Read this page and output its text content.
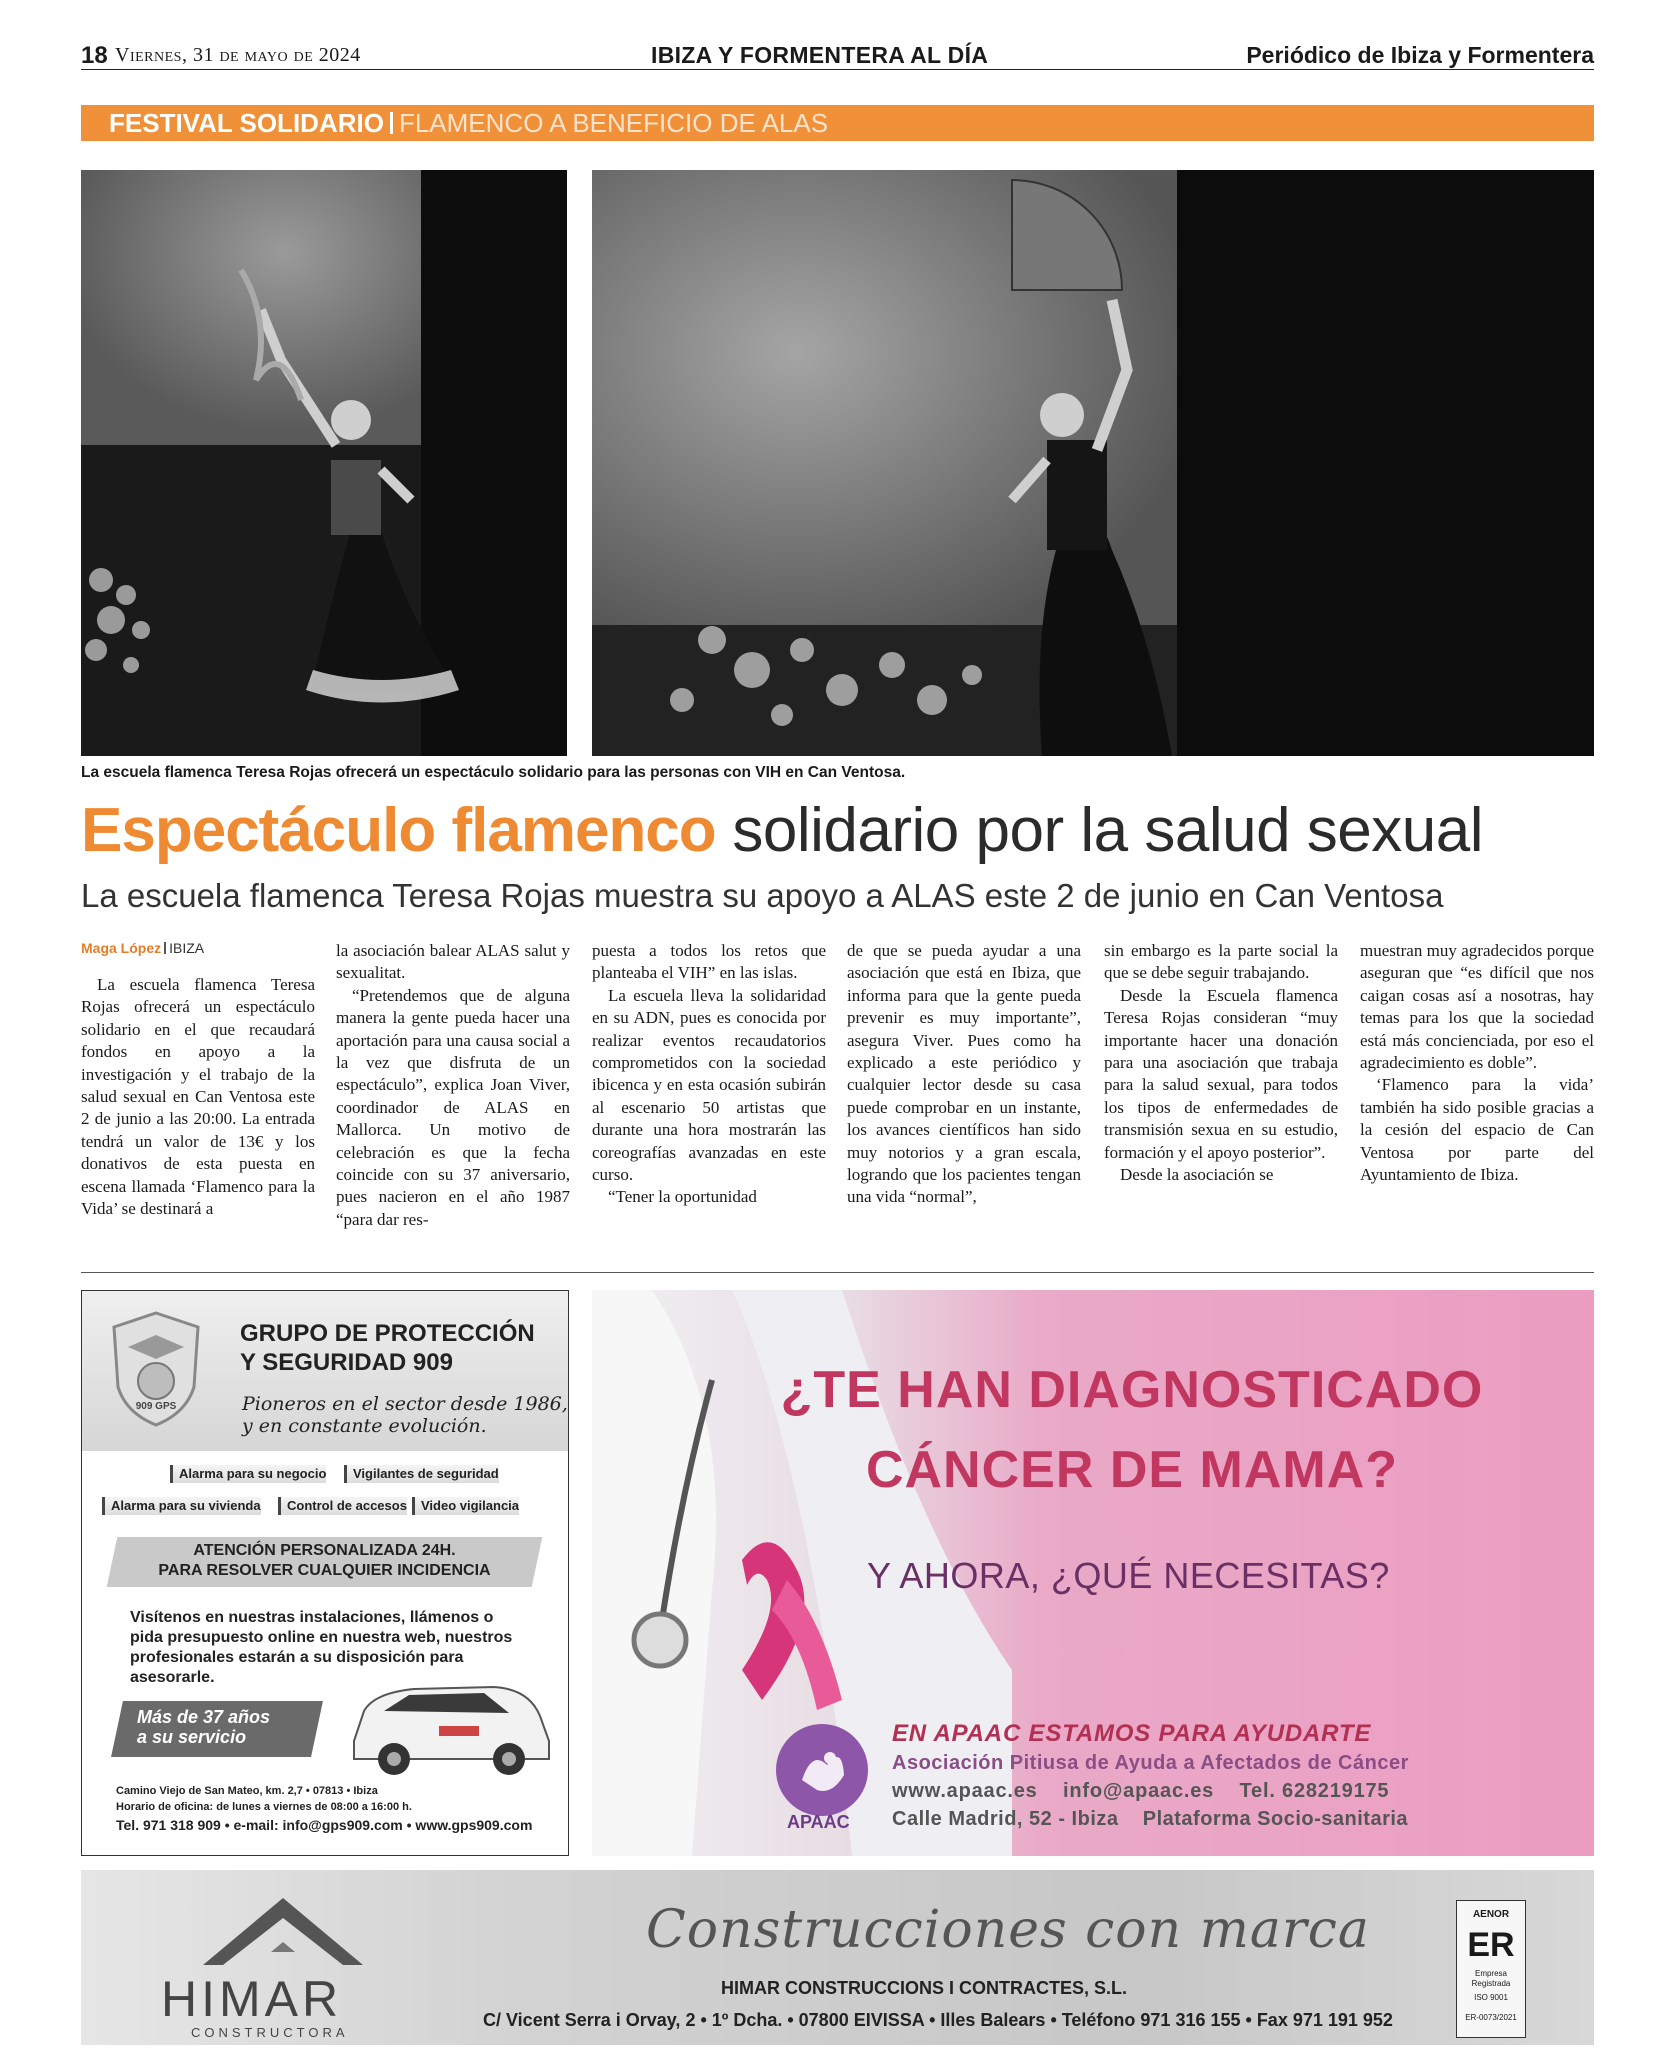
18 Viernes, 31 de mayo de 2024	IBIZA Y FORMENTERA AL DÍA	Periódico de Ibiza y Formentera
FESTIVAL SOLIDARIO FLAMENCO A BENEFICIO DE ALAS
La escuela flamenca Teresa Rojas ofrecerá un espectáculo solidario para las personas con VIH en Can Ventosa.
Espectáculo flamenco solidario por la salud sexual
La escuela flamenca Teresa Rojas muestra su apoyo a ALAS este 2 de junio en Can Ventosa
Maga López IBIZA

La escuela flamenca Teresa Rojas ofrecerá un espectáculo solidario en el que recaudará fondos en apoyo a la investigación y el trabajo de la salud sexual en Can Ventosa este 2 de junio a las 20:00. La entrada tendrá un valor de 13€ y los donativos de esta puesta en escena llamada ‘Flamenco para la Vida’ se destinará a

la asociación balear ALAS salut y sexualitat.

“Pretendemos que de alguna manera la gente pueda hacer una aportación para una causa social a la vez que disfruta de un espectáculo”, explica Joan Viver, coordinador de ALAS en Mallorca. Un motivo de celebración es que la fecha coincide con su 37 aniversario, pues nacieron en el año 1987 “para dar res-

puesta a todos los retos que planteaba el VIH” en las islas.

La escuela lleva la solidaridad en su ADN, pues es conocida por realizar eventos recaudatorios comprometidos con la sociedad ibicenca y en esta ocasión subirán al escenario 50 artistas que durante una hora mostrarán las coreografías avanzadas en este curso.

“Tener la oportunidad

de que se pueda ayudar a una asociación que está en Ibiza, que informa para que la gente pueda prevenir es muy importante”, asegura Viver. Pues como ha explicado a este periódico y cualquier lector desde su casa puede comprobar en un instante, los avances científicos han sido muy notorios y a gran escala, logrando que los pacientes tengan una vida “normal”,

sin embargo es la parte social la que se debe seguir trabajando.

Desde la Escuela flamenca Teresa Rojas consideran “muy importante hacer una donación para una asociación que trabaja para la salud sexual, para todos los tipos de enfermedades de transmisión sexua en su estudio, formación y el apoyo posterior”.

Desde la asociación se

muestran muy agradecidos porque aseguran que “es difícil que nos caigan cosas así a nosotras, hay temas para los que la sociedad está más concienciada, por eso el agradecimiento es doble”.

‘Flamenco para la vida’ también ha sido posible gracias a la cesión del espacio de Can Ventosa por parte del Ayuntamiento de Ibiza.

909 GPS
GRUPO DE PROTECCIÓN
Y SEGURIDAD 909
Pioneros en el sector desde 1986,
y en constante evolución.
Alarma para su negocio	Vigilantes de seguridad
Alarma para su vivienda	Control de accesos	Video vigilancia
ATENCIÓN PERSONALIZADA 24H.
PARA RESOLVER CUALQUIER INCIDENCIA
Visítenos en nuestras instalaciones, llámenos o pida presupuesto online en nuestra web, nuestros profesionales estarán a su disposición para asesorarle.
Más de 37 años
a su servicio
Camino Viejo de San Mateo, km. 2,7 • 07813 • Ibiza
Horario de oficina: de lunes a viernes de 08:00 a 16:00 h.
Tel. 971 318 909 • e-mail: info@gps909.com • www.gps909.com
¿TE HAN DIAGNOSTICADO
CÁNCER DE MAMA?
Y AHORA, ¿QUÉ NECESITAS?
APAAC
EN APAAC ESTAMOS PARA AYUDARTE
Asociación Pitiusa de Ayuda a Afectados de Cáncer
www.apaac.es    info@apaac.es    Tel. 628219175
Calle Madrid, 52 - Ibiza    Plataforma Socio-sanitaria
HIMAR
CONSTRUCTORA
Construcciones con marca
HIMAR CONSTRUCCIONS I CONTRACTES, S.L.
C/ Vicent Serra i Orvay, 2 • 1º Dcha. • 07800 EIVISSA • Illes Balears • Teléfono 971 316 155 • Fax 971 191 952
AENOR
ER
Empresa Registrada
ISO 9001
ER-0073/2021
